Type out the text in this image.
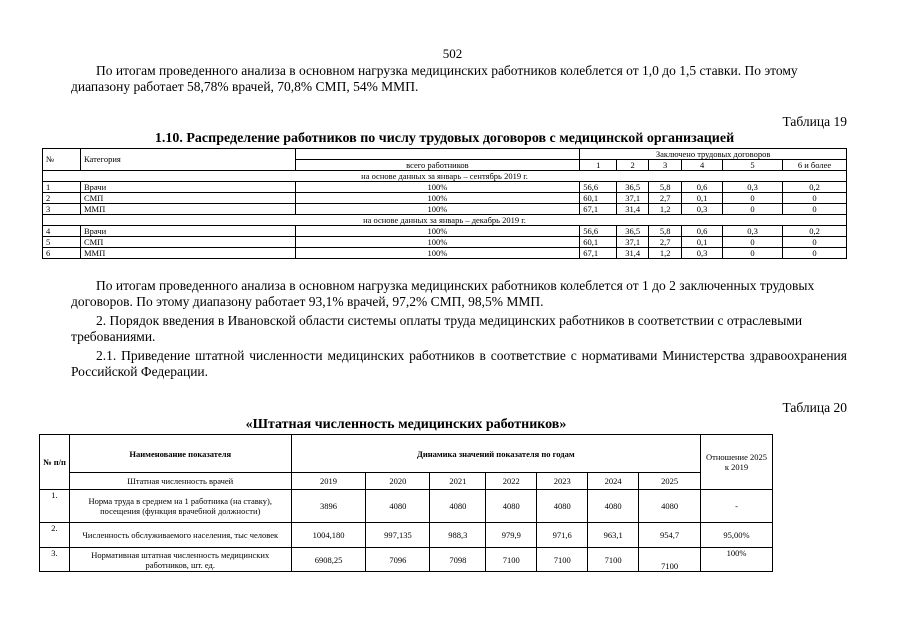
502
По итогам проведенного анализа в основном нагрузка медицинских работников колеблется от 1,0 до 1,5 ставки. По этому диапазону работает 58,78% врачей, 70,8% СМП, 54% ММП.
Таблица 19
1.10. Распределение работников по числу трудовых договоров с медицинской организацией
№	Категория		Заключено трудовых договоров					
		всего работников	1	2	3	4	5	6 и более
на основе данных за январь – сентябрь 2019 г.								
1	Врачи	100%	56,6	36,5	5,8	0,6	0,3	0,2
2	СМП	100%	60,1	37,1	2,7	0,1	0	0
3	ММП	100%	67,1	31,4	1,2	0,3	0	0
на основе данных за январь – декабрь 2019 г.								
4	Врачи	100%	56,6	36,5	5,8	0,6	0,3	0,2
5	СМП	100%	60,1	37,1	2,7	0,1	0	0
6	ММП	100%	67,1	31,4	1,2	0,3	0	0
По итогам проведенного анализа в основном нагрузка медицинских работников колеблется от 1 до 2 заключенных трудовых договоров. По этому диапазону работает 93,1% врачей, 97,2% СМП, 98,5% ММП.
2. Порядок введения в Ивановской области системы оплаты труда медицинских работников в соответствии с отраслевыми требованиями.
2.1. Приведение штатной численности медицинских работников в соответствие с нормативами Министерства здравоохранения Российской Федерации.
Таблица 20
«Штатная численность медицинских работников»
№ п/п	Наименование показателя	Динамика значений показателя по годам							Отношение 2025 к 2019
	Штатная численность врачей	2019	2020	2021	2022	2023	2024	2025	
1.	Норма труда в среднем на 1 работника (на ставку), посещения (функция врачебной должности)	3896	4080	4080	4080	4080	4080	4080	-
2.	Численность обслуживаемого населения, тыс человек	1004,180	997,135	988,3	979,9	971,6	963,1	954,7	95,00%
3.	Нормативная штатная численность медицинских работников, шт. ед.	6908,25	7096	7098	7100	7100	7100	7100	100%
